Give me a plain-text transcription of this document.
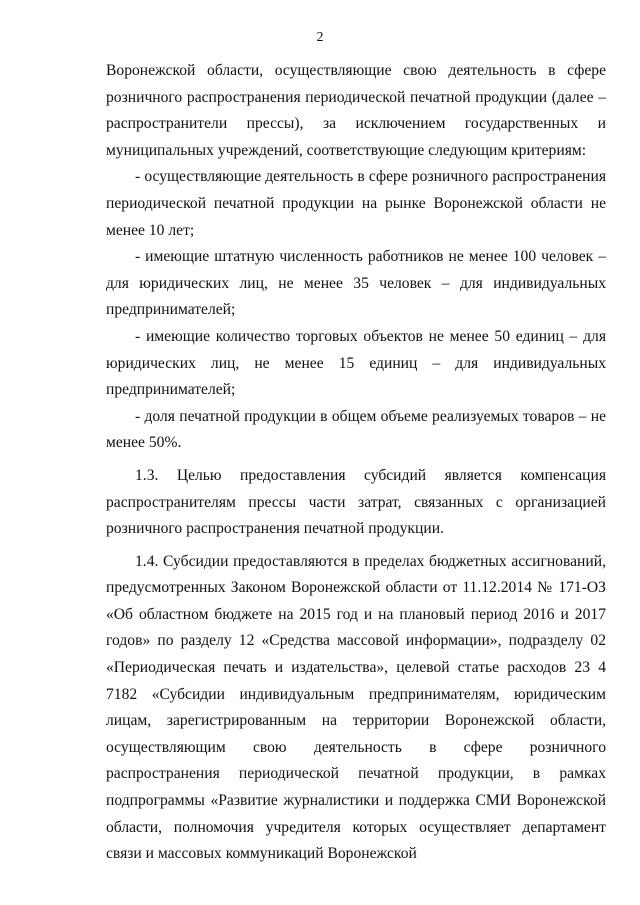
2

Воронежской области, осуществляющие свою деятельность в сфере розничного распространения периодической печатной продукции (далее – распространители прессы), за исключением государственных и муниципальных учреждений, соответствующие следующим критериям:

- осуществляющие деятельность в сфере розничного распространения периодической печатной продукции на рынке Воронежской области не менее 10 лет;

- имеющие штатную численность работников не менее 100 человек – для юридических лиц, не менее 35 человек – для индивидуальных предпринимателей;

- имеющие количество торговых объектов не менее 50 единиц – для юридических лиц, не менее 15 единиц – для индивидуальных предпринимателей;

- доля печатной продукции в общем объеме реализуемых товаров – не менее 50%.

1.3. Целью предоставления субсидий является компенсация распространителям прессы части затрат, связанных с организацией розничного распространения печатной продукции.

1.4. Субсидии предоставляются в пределах бюджетных ассигнований, предусмотренных Законом Воронежской области от 11.12.2014 № 171-ОЗ «Об областном бюджете на 2015 год и на плановый период 2016 и 2017 годов» по разделу 12 «Средства массовой информации», подразделу 02 «Периодическая печать и издательства», целевой статье расходов 23 4 7182 «Субсидии индивидуальным предпринимателям, юридическим лицам, зарегистрированным на территории Воронежской области, осуществляющим свою деятельность в сфере розничного распространения периодической печатной продукции, в рамках подпрограммы «Развитие журналистики и поддержка СМИ Воронежской области, полномочия учредителя которых осуществляет департамент связи и массовых коммуникаций Воронежской
